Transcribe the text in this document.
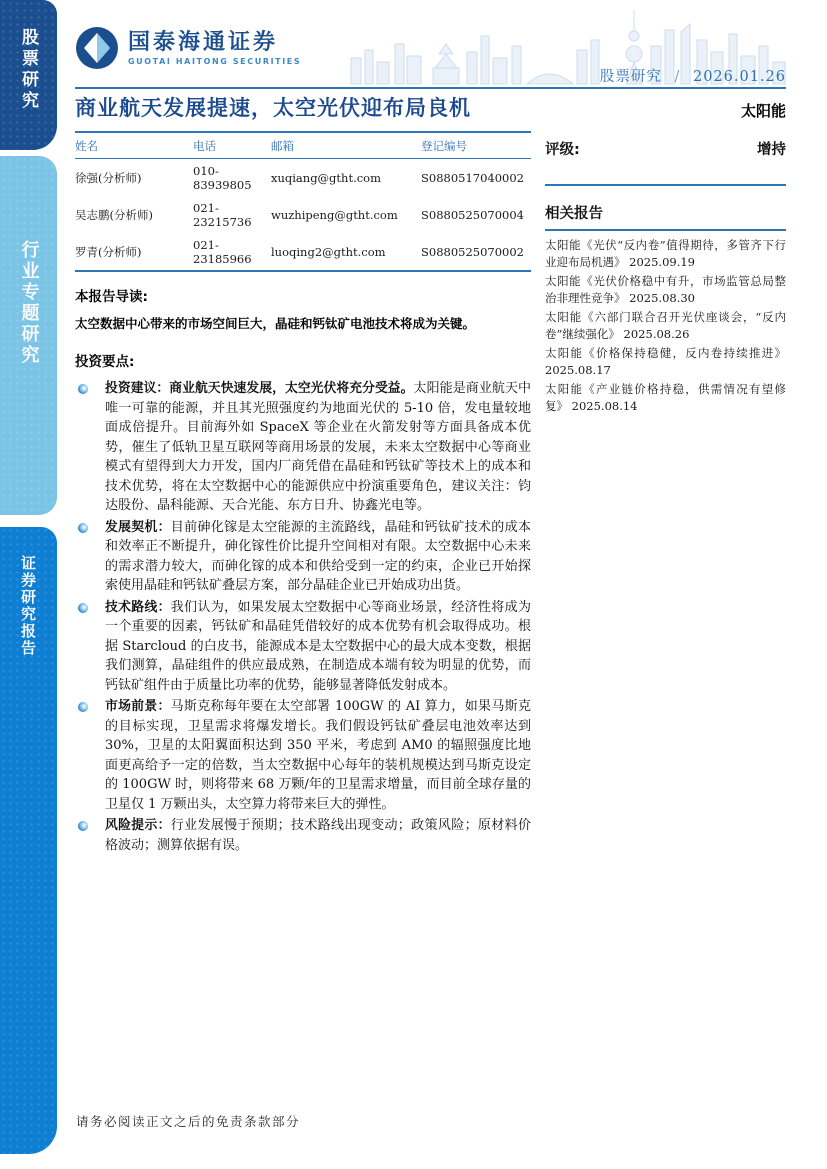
股票研究
行业专题研究
证券研究报告
国泰海通证券
GUOTAI HAITONG SECURITIES
股票研究 / 2026.01.26
太阳能
商业航天发展提速，太空光伏迎布局良机
姓名	电话	邮箱	登记编号
徐强(分析师)	010-83939805	xuqiang@gtht.com	S0880517040002
吴志鹏(分析师)	021-23215736	wuzhipeng@gtht.com	S0880525070004
罗青(分析师)	021-23185966	luoqing2@gtht.com	S0880525070002
本报告导读:
太空数据中心带来的市场空间巨大，晶硅和钙钛矿电池技术将成为关键。
投资要点:
投资建议：商业航天快速发展，太空光伏将充分受益。太阳能是商业航天中唯一可靠的能源，并且其光照强度约为地面光伏的 5-10 倍，发电量较地面成倍提升。目前海外如 SpaceX 等企业在火箭发射等方面具备成本优势，催生了低轨卫星互联网等商用场景的发展，未来太空数据中心等商业模式有望得到大力开发，国内厂商凭借在晶硅和钙钛矿等技术上的成本和技术优势，将在太空数据中心的能源供应中扮演重要角色，建议关注：钧达股份、晶科能源、天合光能、东方日升、协鑫光电等。
发展契机：目前砷化镓是太空能源的主流路线，晶硅和钙钛矿技术的成本和效率正不断提升，砷化镓性价比提升空间相对有限。太空数据中心未来的需求潜力较大，而砷化镓的成本和供给受到一定的约束，企业已开始探索使用晶硅和钙钛矿叠层方案，部分晶硅企业已开始成功出货。
技术路线：我们认为，如果发展太空数据中心等商业场景，经济性将成为一个重要的因素，钙钛矿和晶硅凭借较好的成本优势有机会取得成功。根据 Starcloud 的白皮书，能源成本是太空数据中心的最大成本变数，根据我们测算，晶硅组件的供应最成熟，在制造成本端有较为明显的优势，而钙钛矿组件由于质量比功率的优势，能够显著降低发射成本。
市场前景：马斯克称每年要在太空部署 100GW 的 AI 算力，如果马斯克的目标实现，卫星需求将爆发增长。我们假设钙钛矿叠层电池效率达到 30%，卫星的太阳翼面积达到 350 平米，考虑到 AM0 的辐照强度比地面更高给予一定的倍数，当太空数据中心每年的装机规模达到马斯克设定的 100GW 时，则将带来 68 万颗/年的卫星需求增量，而目前全球存量的卫星仅 1 万颗出头，太空算力将带来巨大的弹性。
风险提示：行业发展慢于预期；技术路线出现变动；政策风险；原材料价格波动；测算依据有误。
评级:	增持
相关报告
太阳能《光伏“反内卷”值得期待，多管齐下行业迎布局机遇》 2025.09.19
太阳能《光伏价格稳中有升，市场监管总局整治非理性竞争》 2025.08.30
太阳能《六部门联合召开光伏座谈会，“反内卷”继续强化》 2025.08.26
太阳能《价格保持稳健，反内卷持续推进》 2025.08.17
太阳能《产业链价格持稳，供需情况有望修复》 2025.08.14
请务必阅读正文之后的免责条款部分
